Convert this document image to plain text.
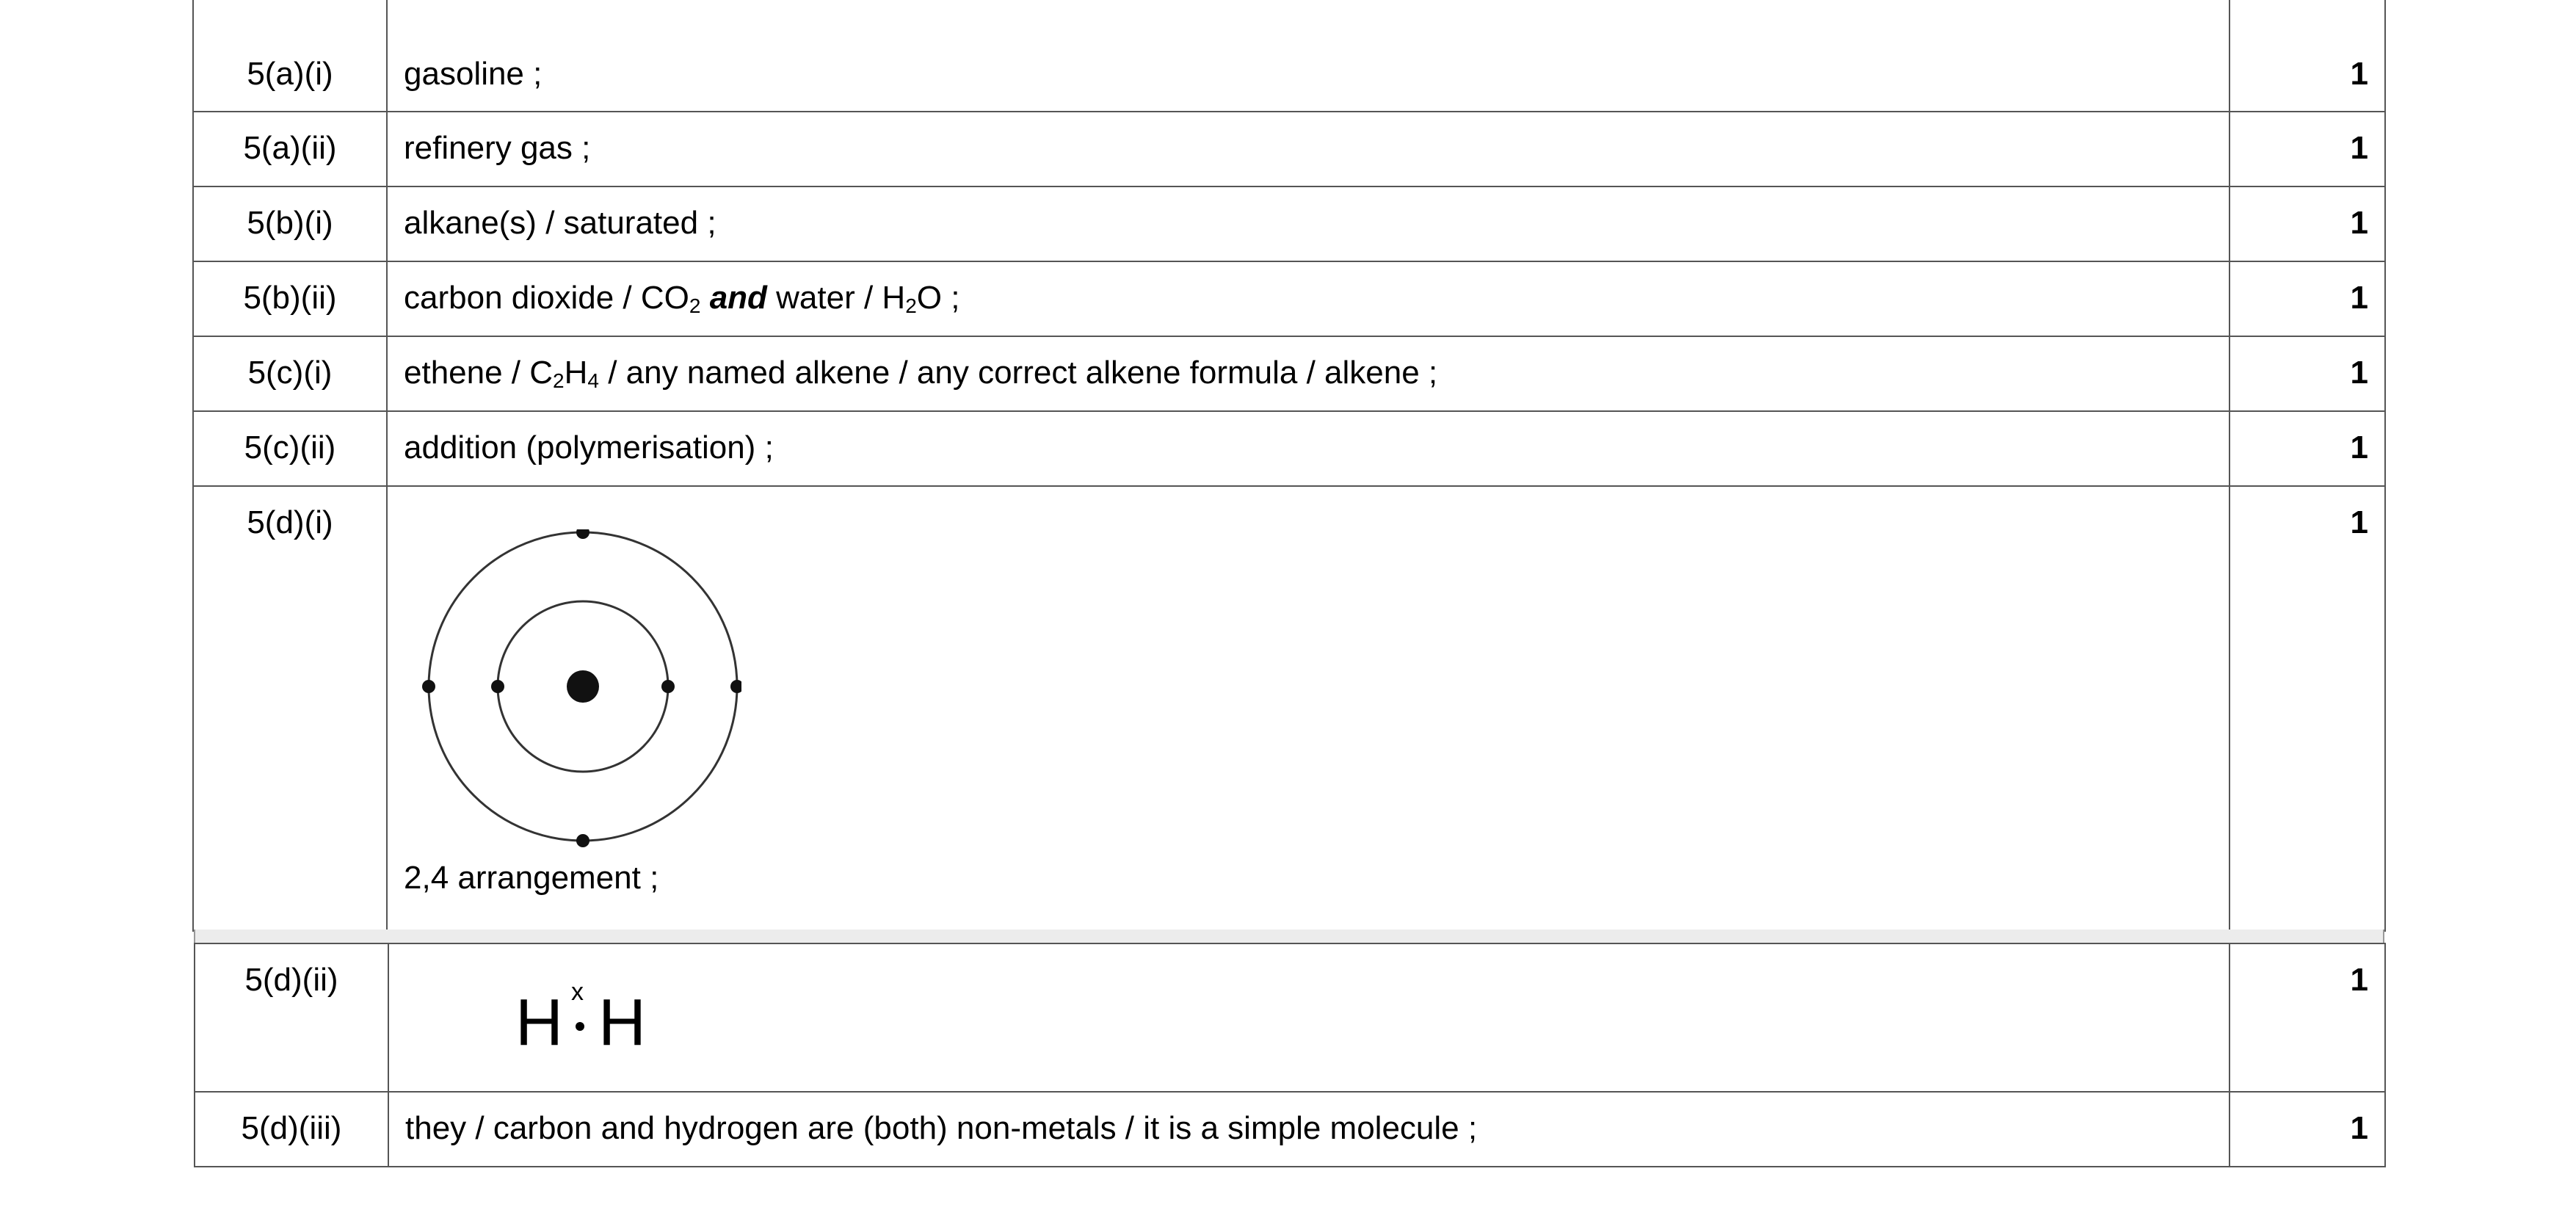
5(a)(i)	gasoline ;	1
5(a)(ii)	refinery gas ;	1
5(b)(i)	alkane(s) / saturated ;	1
5(b)(ii)	carbon dioxide / $CO_2$ and water / $H_2O$ ;	1
5(c)(i)	ethene / $C_2H_4$ / any named alkene / any correct alkene formula / alkene ;	1
5(c)(ii)	addition (polymerisation) ;	1
5(d)(i)	2,4 arrangement ;	1
5(d)(ii)	H x H	1
5(d)(iii)	they / carbon and hydrogen are (both) non-metals / it is a simple molecule ;	1
